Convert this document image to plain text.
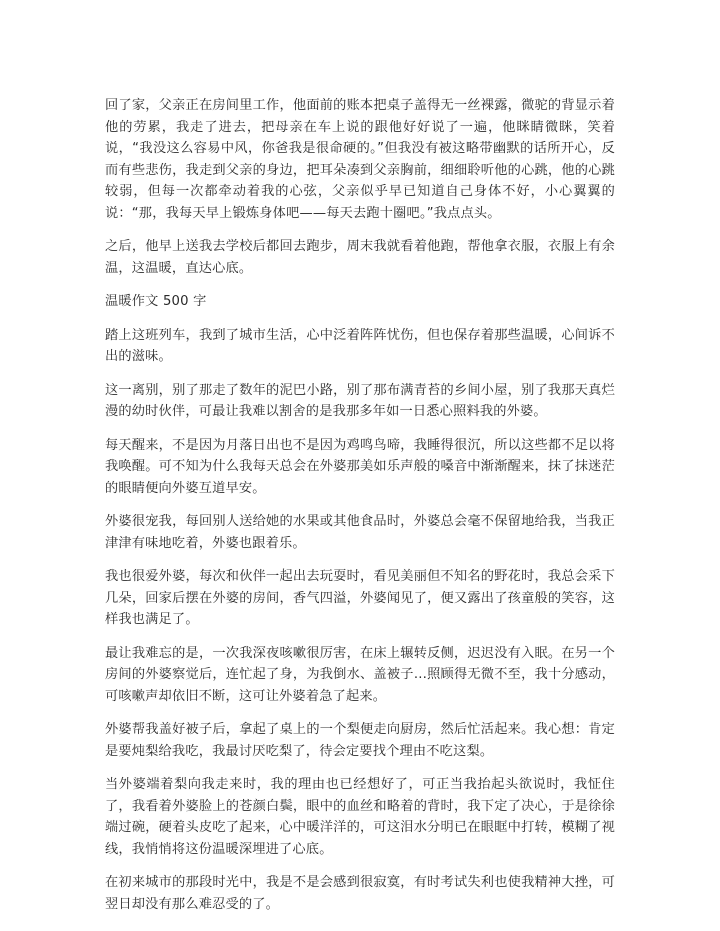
回了家，父亲正在房间里工作，他面前的账本把桌子盖得无一丝裸露，微驼的背显示着他的劳累，我走了进去，把母亲在车上说的跟他好好说了一遍，他眯睛微眯，笑着说，“我没这么容易中风，你爸我是很命硬的。”但我没有被这略带幽默的话所开心，反而有些悲伤，我走到父亲的身边，把耳朵凑到父亲胸前，细细聆听他的心跳，他的心跳较弱，但每一次都牵动着我的心弦，父亲似乎早已知道自己身体不好，小心翼翼的说：“那，我每天早上锻炼身体吧——每天去跑十圈吧。”我点点头。

之后，他早上送我去学校后都回去跑步，周末我就看着他跑，帮他拿衣服，衣服上有余温，这温暖，直达心底。

温暖作文 500 字

踏上这班列车，我到了城市生活，心中泛着阵阵忧伤，但也保存着那些温暖，心间诉不出的滋味。

这一离别，别了那走了数年的泥巴小路，别了那布满青苔的乡间小屋，别了我那天真烂漫的幼时伙伴，可最让我难以割舍的是我那多年如一日悉心照料我的外婆。

每天醒来，不是因为月落日出也不是因为鸡鸣鸟啼，我睡得很沉，所以这些都不足以将我唤醒。可不知为什么我每天总会在外婆那美如乐声般的嗓音中渐渐醒来，抹了抹迷茫的眼睛便向外婆互道早安。

外婆很宠我，每回别人送给她的水果或其他食品时，外婆总会毫不保留地给我，当我正津津有味地吃着，外婆也跟着乐。

我也很爱外婆，每次和伙伴一起出去玩耍时，看见美丽但不知名的野花时，我总会采下几朵，回家后摆在外婆的房间，香气四溢，外婆闻见了，便又露出了孩童般的笑容，这样我也满足了。

最让我难忘的是，一次我深夜咳嗽很厉害，在床上辗转反侧，迟迟没有入眠。在另一个房间的外婆察觉后，连忙起了身，为我倒水、盖被子…照顾得无微不至，我十分感动，可咳嗽声却依旧不断，这可让外婆着急了起来。

外婆帮我盖好被子后，拿起了桌上的一个梨便走向厨房，然后忙活起来。我心想：肯定是要炖梨给我吃，我最讨厌吃梨了，待会定要找个理由不吃这梨。

当外婆端着梨向我走来时，我的理由也已经想好了，可正当我抬起头欲说时，我怔住了，我看着外婆脸上的苍颜白鬓，眼中的血丝和略着的背时，我下定了决心，于是徐徐端过碗，硬着头皮吃了起来，心中暖洋洋的，可这泪水分明已在眼眶中打转，模糊了视线，我悄悄将这份温暖深埋进了心底。

在初来城市的那段时光中，我是不是会感到很寂寞，有时考试失利也使我精神大挫，可翌日却没有那么难忍受的了。
